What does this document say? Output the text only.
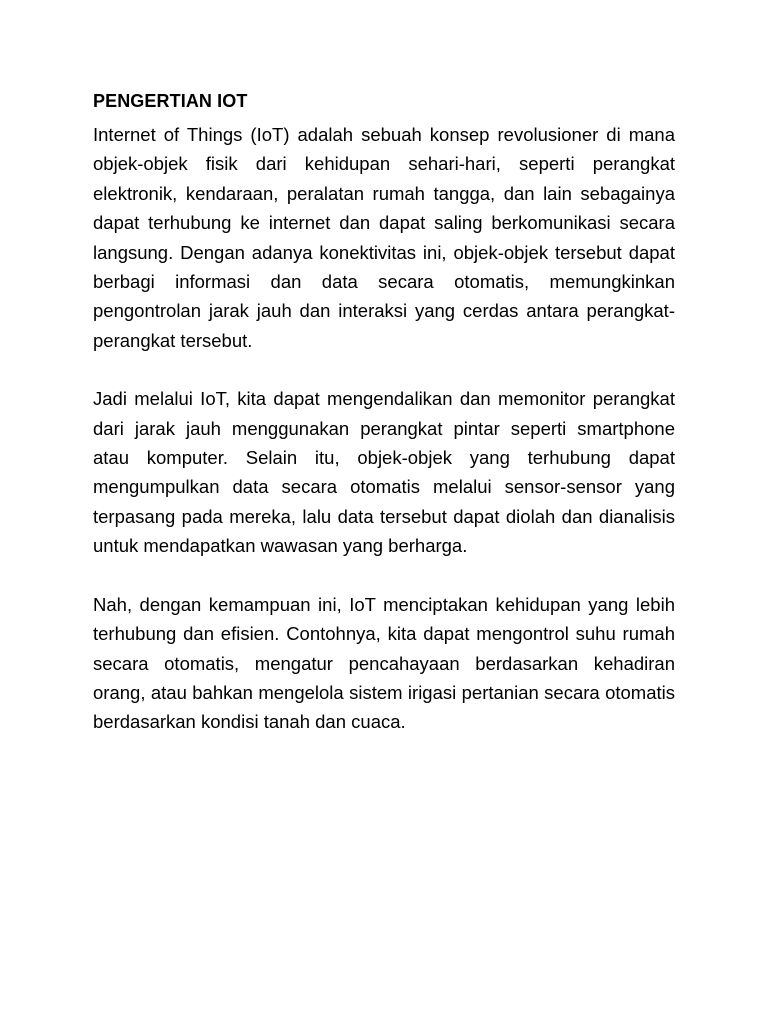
PENGERTIAN IOT

Internet of Things (IoT) adalah sebuah konsep revolusioner di mana objek-objek fisik dari kehidupan sehari-hari, seperti perangkat elektronik, kendaraan, peralatan rumah tangga, dan lain sebagainya dapat terhubung ke internet dan dapat saling berkomunikasi secara langsung. Dengan adanya konektivitas ini, objek-objek tersebut dapat berbagi informasi dan data secara otomatis, memungkinkan pengontrolan jarak jauh dan interaksi yang cerdas antara perangkat-perangkat tersebut.

Jadi melalui IoT, kita dapat mengendalikan dan memonitor perangkat dari jarak jauh menggunakan perangkat pintar seperti smartphone atau komputer. Selain itu, objek-objek yang terhubung dapat mengumpulkan data secara otomatis melalui sensor-sensor yang terpasang pada mereka, lalu data tersebut dapat diolah dan dianalisis untuk mendapatkan wawasan yang berharga.

Nah, dengan kemampuan ini, IoT menciptakan kehidupan yang lebih terhubung dan efisien. Contohnya, kita dapat mengontrol suhu rumah secara otomatis, mengatur pencahayaan berdasarkan kehadiran orang, atau bahkan mengelola sistem irigasi pertanian secara otomatis berdasarkan kondisi tanah dan cuaca.
